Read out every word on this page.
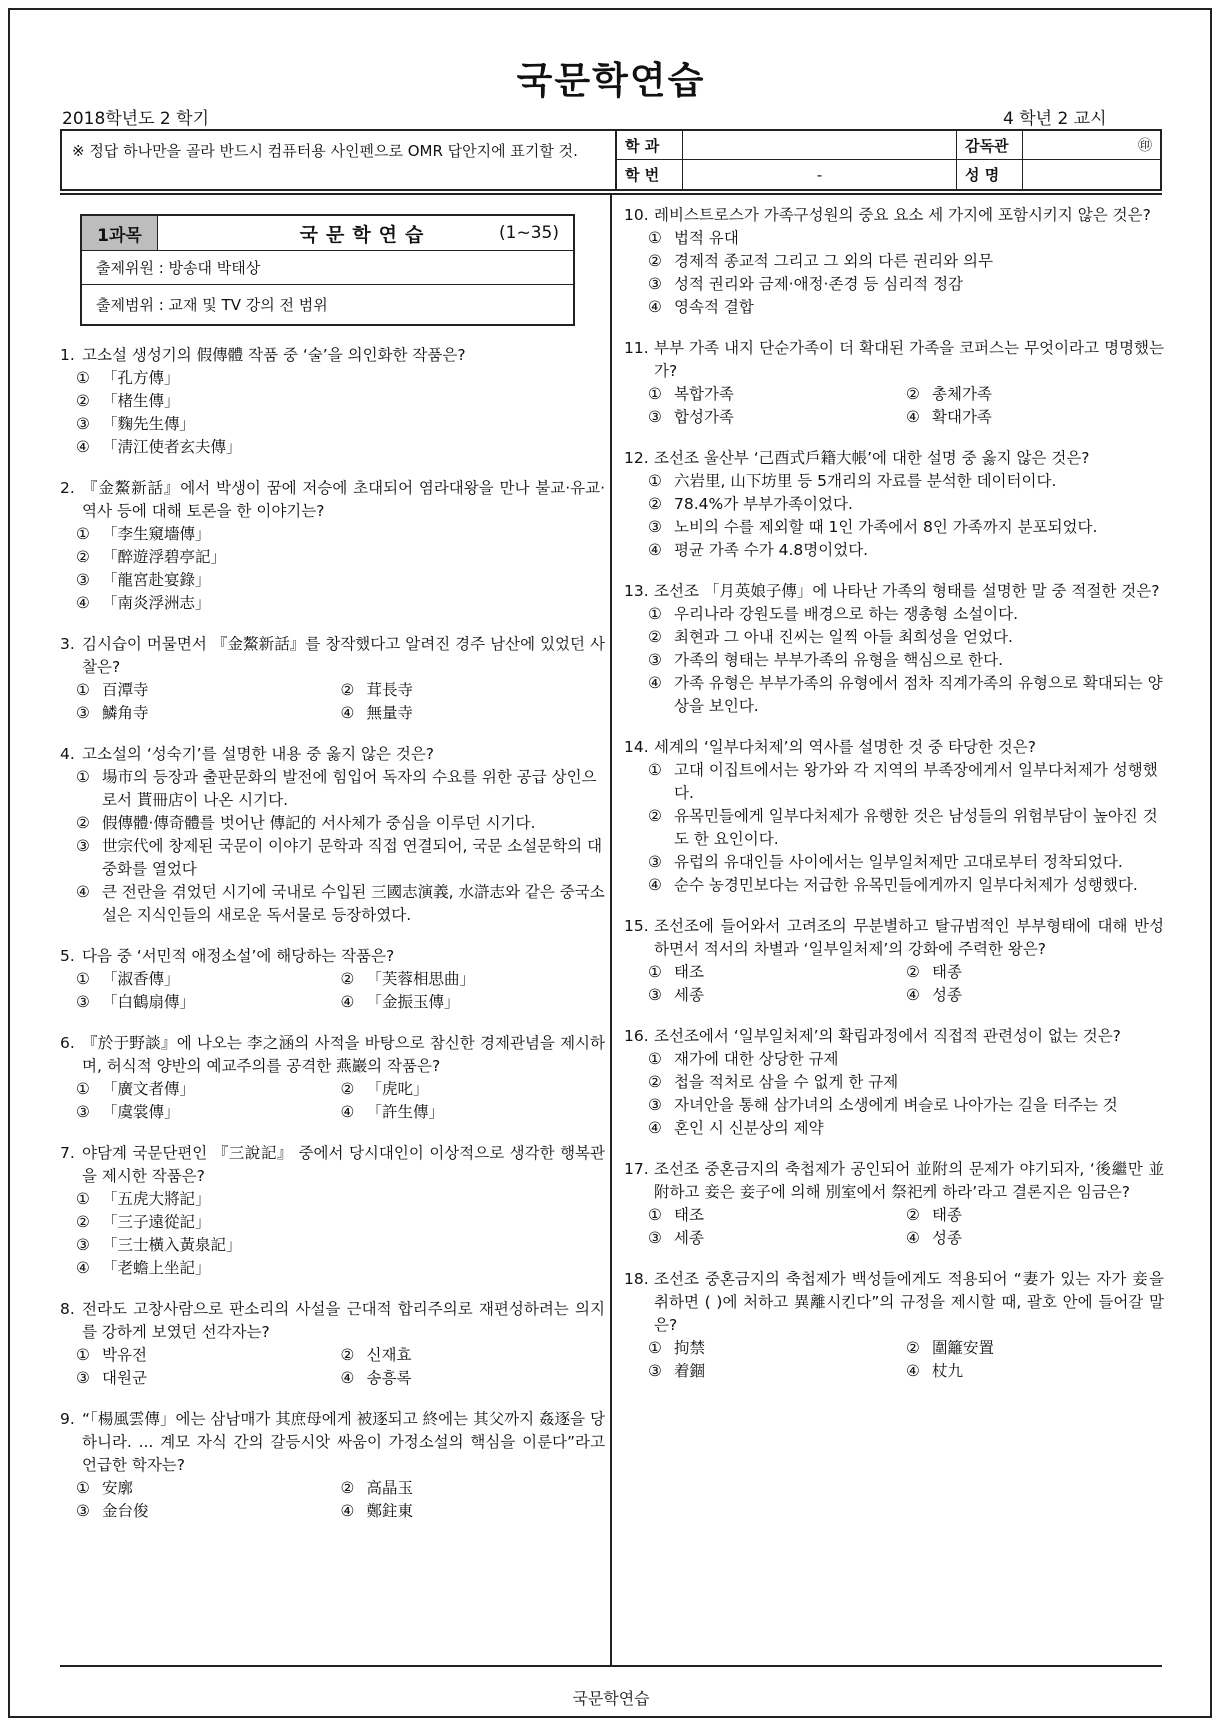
국문학연습
2018학년도 2 학기	4 학년 2 교시
※ 정답 하나만을 골라 반드시 컴퓨터용 사인펜으로 OMR 답안지에 표기할 것.	학 과	감독관	㊞
학 번	-	성 명
1과목	국문학연습	(1~35)
출제위원 : 방송대 박태상
출제범위 : 교재 및 TV 강의 전 범위
1. 고소설 생성기의 假傳體 작품 중 ‘술’을 의인화한 작품은?
① 「孔方傳」
② 「楮生傳」
③ 「麴先生傳」
④ 「淸江使者玄夫傳」
2. 『金鰲新話』에서 박생이 꿈에 저승에 초대되어 염라대왕을 만나 불교·유교·역사 등에 대해 토론을 한 이야기는?
① 「李生窺墻傳」
② 「醉遊浮碧亭記」
③ 「龍宮赴宴錄」
④ 「南炎浮洲志」
3. 김시습이 머물면서 『金鰲新話』를 창작했다고 알려진 경주 남산에 있었던 사찰은?
① 百潭寺	② 茸長寺
③ 鱗角寺	④ 無量寺
4. 고소설의 ‘성숙기’를 설명한 내용 중 옳지 않은 것은?
① 場市의 등장과 출판문화의 발전에 힘입어 독자의 수요를 위한 공급 상인으로서 貰冊店이 나온 시기다.
② 假傳體·傳奇體를 벗어난 傳記的 서사체가 중심을 이루던 시기다.
③ 世宗代에 창제된 국문이 이야기 문학과 직접 연결되어, 국문 소설문학의 대중화를 열었다
④ 큰 전란을 겪었던 시기에 국내로 수입된 三國志演義, 水滸志와 같은 중국소설은 지식인들의 새로운 독서물로 등장하였다.
5. 다음 중 ‘서민적 애정소설’에 해당하는 작품은?
① 「淑香傳」	② 「芙蓉相思曲」
③ 「白鶴扇傳」	④ 「金振玉傳」
6. 『於于野談』에 나오는 李之涵의 사적을 바탕으로 참신한 경제관념을 제시하며, 허식적 양반의 예교주의를 공격한 燕巖의 작품은?
① 「廣文者傳」	② 「虎叱」
③ 「虞裳傳」	④ 「許生傳」
7. 야담계 국문단편인 『三說記』 중에서 당시대인이 이상적으로 생각한 행복관을 제시한 작품은?
① 「五虎大將記」
② 「三子遠從記」
③ 「三士橫入黃泉記」
④ 「老蟾上坐記」
8. 전라도 고창사람으로 판소리의 사설을 근대적 합리주의로 재편성하려는 의지를 강하게 보였던 선각자는?
① 박유전	② 신재효
③ 대원군	④ 송흥록
9. “「楊風雲傳」에는 삼남매가 其庶母에게 被逐되고 終에는 其父까지 姦逐을 당하니라. ... 계모 자식 간의 갈등시앗 싸움이 가정소설의 핵심을 이룬다”라고 언급한 학자는?
① 安廓	② 高晶玉
③ 金台俊	④ 鄭鉒東
10. 레비스트로스가 가족구성원의 중요 요소 세 가지에 포함시키지 않은 것은?
① 법적 유대
② 경제적 종교적 그리고 그 외의 다른 권리와 의무
③ 성적 권리와 금제·애정·존경 등 심리적 정감
④ 영속적 결합
11. 부부 가족 내지 단순가족이 더 확대된 가족을 코퍼스는 무엇이라고 명명했는가?
① 복합가족	② 총체가족
③ 합성가족	④ 확대가족
12. 조선조 울산부 ‘己酉式戶籍大帳’에 대한 설명 중 옳지 않은 것은?
① 六岩里, 山下坊里 등 5개리의 자료를 분석한 데이터이다.
② 78.4%가 부부가족이었다.
③ 노비의 수를 제외할 때 1인 가족에서 8인 가족까지 분포되었다.
④ 평균 가족 수가 4.8명이었다.
13. 조선조 「月英娘子傳」에 나타난 가족의 형태를 설명한 말 중 적절한 것은?
① 우리나라 강원도를 배경으로 하는 쟁총형 소설이다.
② 최현과 그 아내 진씨는 일찍 아들 최희성을 얻었다.
③ 가족의 형태는 부부가족의 유형을 핵심으로 한다.
④ 가족 유형은 부부가족의 유형에서 점차 직계가족의 유형으로 확대되는 양상을 보인다.
14. 세계의 ‘일부다처제’의 역사를 설명한 것 중 타당한 것은?
① 고대 이집트에서는 왕가와 각 지역의 부족장에게서 일부다처제가 성행했다.
② 유목민들에게 일부다처제가 유행한 것은 남성들의 위험부담이 높아진 것도 한 요인이다.
③ 유럽의 유대인들 사이에서는 일부일처제만 고대로부터 정착되었다.
④ 순수 농경민보다는 저급한 유목민들에게까지 일부다처제가 성행했다.
15. 조선조에 들어와서 고려조의 무분별하고 탈규범적인 부부형태에 대해 반성하면서 적서의 차별과 ‘일부일처제’의 강화에 주력한 왕은?
① 태조	② 태종
③ 세종	④ 성종
16. 조선조에서 ‘일부일처제’의 확립과정에서 직접적 관련성이 없는 것은?
① 재가에 대한 상당한 규제
② 첩을 적처로 삼을 수 없게 한 규제
③ 자녀안을 통해 삼가녀의 소생에게 벼슬로 나아가는 길을 터주는 것
④ 혼인 시 신분상의 제약
17. 조선조 중혼금지의 축첩제가 공인되어 並附의 문제가 야기되자, ‘後繼만 並附하고 妾은 妾子에 의해 別室에서 祭祀케 하라’라고 결론지은 임금은?
① 태조	② 태종
③ 세종	④ 성종
18. 조선조 중혼금지의 축첩제가 백성들에게도 적용되어 “妻가 있는 자가 妾을 취하면 ( )에 처하고 異離시킨다”의 규정을 제시할 때, 괄호 안에 들어갈 말은?
① 拘禁	② 圍籬安置
③ 着錮	④ 杖九
국문학연습
